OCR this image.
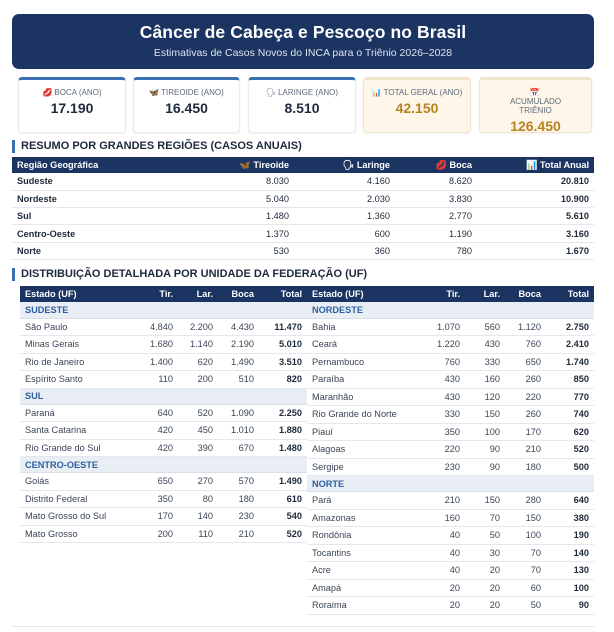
Câncer de Cabeça e Pescoço no Brasil
Estimativas de Casos Novos do INCA para o Triênio 2026–2028
💋 BOCA (ANO)
17.190
🦋 TIREOIDE (ANO)
16.450
🗣 LARINGE (ANO)
8.510
📊 TOTAL GERAL (ANO)
42.150
📅ACUMULADO TRIÊNIO
126.450
RESUMO POR GRANDES REGIÕES (CASOS ANUAIS)
Região Geográfica	🦋 Tireoide	🗣 Laringe	💋 Boca	📊 Total Anual
Sudeste	8.030	4.160	8.620	20.810
Nordeste	5.040	2.030	3.830	10.900
Sul	1.480	1.360	2.770	5.610
Centro-Oeste	1.370	600	1.190	3.160
Norte	530	360	780	1.670
DISTRIBUIÇÃO DETALHADA POR UNIDADE DA FEDERAÇÃO (UF)
Estado (UF)	Tir.	Lar.	Boca	Total
SUDESTE				
São Paulo	4.840	2.200	4.430	11.470
Minas Gerais	1.680	1.140	2.190	5.010
Rio de Janeiro	1.400	620	1.490	3.510
Espírito Santo	110	200	510	820
SUL				
Paraná	640	520	1.090	2.250
Santa Catarina	420	450	1.010	1.880
Rio Grande do Sul	420	390	670	1.480
CENTRO-OESTE				
Goiás	650	270	570	1.490
Distrito Federal	350	80	180	610
Mato Grosso do Sul	170	140	230	540
Mato Grosso	200	110	210	520
Estado (UF)	Tir.	Lar.	Boca	Total
NORDESTE				
Bahia	1.070	560	1.120	2.750
Ceará	1.220	430	760	2.410
Pernambuco	760	330	650	1.740
Paraíba	430	160	260	850
Maranhão	430	120	220	770
Rio Grande do Norte	330	150	260	740
Piauí	350	100	170	620
Alagoas	220	90	210	520
Sergipe	230	90	180	500
NORTE				
Pará	210	150	280	640
Amazonas	160	70	150	380
Rondônia	40	50	100	190
Tocantins	40	30	70	140
Acre	40	20	70	130
Amapá	20	20	60	100
Roraima	20	20	50	90
